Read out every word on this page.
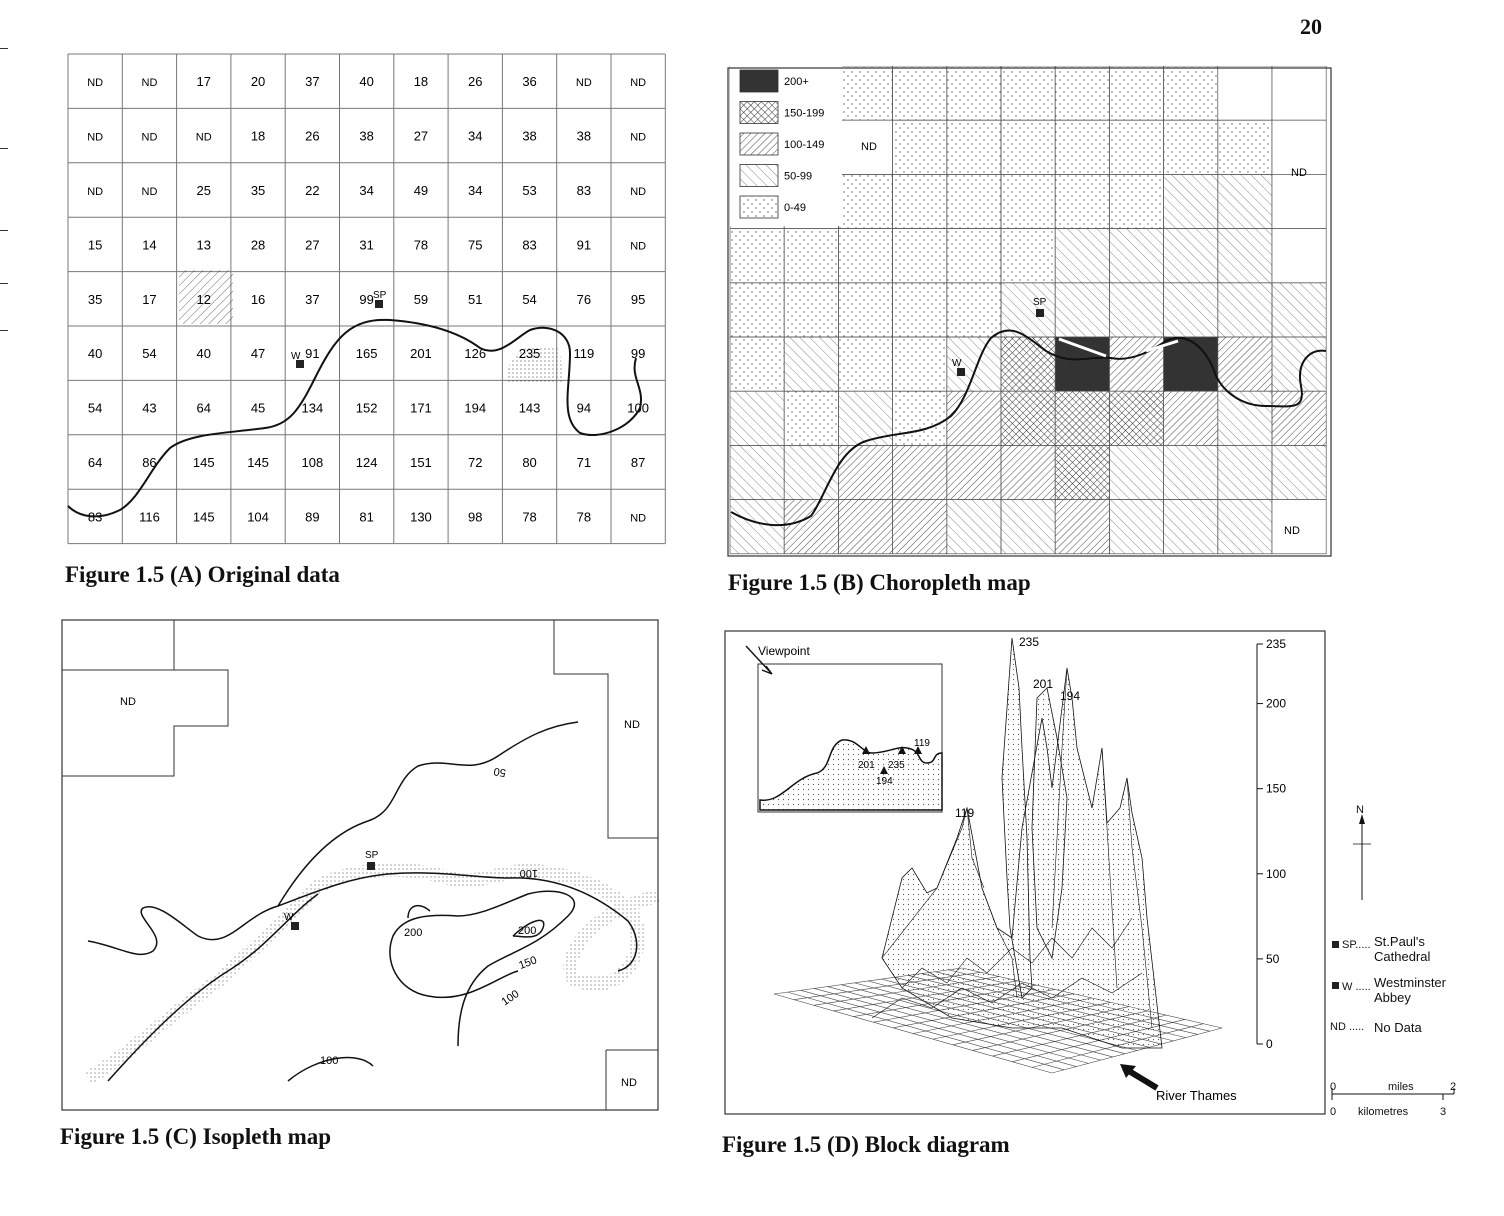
20
ND	ND	17	20	37	40	18	26	36	ND	ND
ND	ND	ND	18	26	38	27	34	38	38	ND
ND	ND	25	35	22	34	49	34	53	83	ND
15	14	13	28	27	31	78	75	83	91	ND
35	17	12	16	37	99	59	51	54	76	95
40	54	40	47	91	165	201	126	235	119	99
54	43	64	45	134	152	171	194	143	94	100
64	86	145	145	108	124	151	72	80	71	87
83	116	145	104	89	81	130	98	78	78	ND
W
SP
Figure 1.5 (A) Original data
200+
150-199
100-149
50-99
0-49
ND
ND
ND
W
SP
Figure 1.5 (B) Choropleth map
ND
ND
ND
50
100
150
200	200
100
100
W
SP
Figure 1.5 (C) Isopleth map
119
201 235
194
Viewpoint
235
201
194
119
235
200
150
100
50
0
River Thames
Figure 1.5 (D) Block diagram
N
SP..... St.Paul's Cathedral
W ..... Westminster Abbey
ND ..... No Data
0	miles	2
0 kilometres	3
